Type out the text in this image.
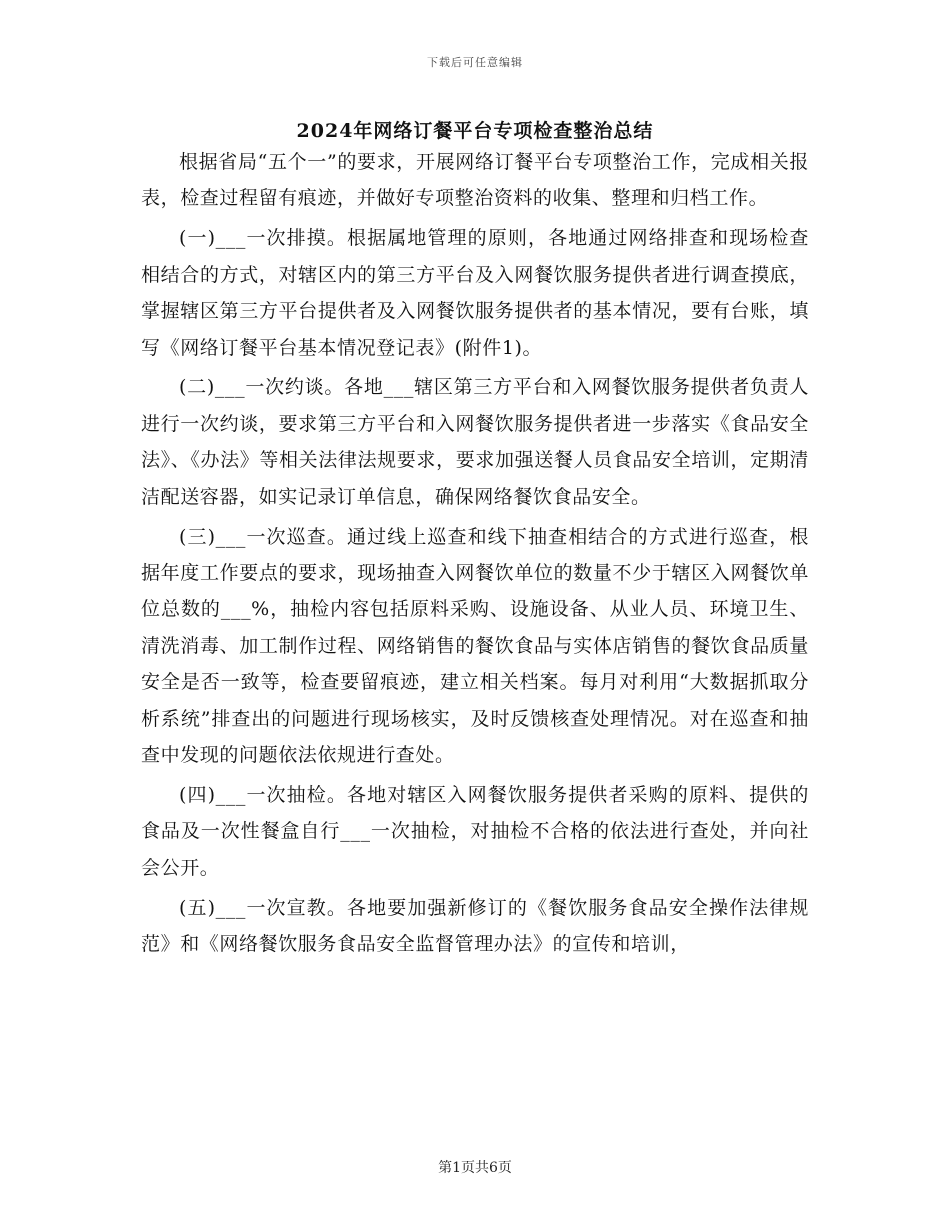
下载后可任意编辑
2024年网络订餐平台专项检查整治总结

根据省局“五个一”的要求，开展网络订餐平台专项整治工作，完成相关报表，检查过程留有痕迹，并做好专项整治资料的收集、整理和归档工作。

(一)___一次排摸。根据属地管理的原则，各地通过网络排查和现场检查相结合的方式，对辖区内的第三方平台及入网餐饮服务提供者进行调查摸底，掌握辖区第三方平台提供者及入网餐饮服务提供者的基本情况，要有台账，填写《网络订餐平台基本情况登记表》(附件1)。

(二)___一次约谈。各地___辖区第三方平台和入网餐饮服务提供者负责人进行一次约谈，要求第三方平台和入网餐饮服务提供者进一步落实《食品安全法》、《办法》等相关法律法规要求，要求加强送餐人员食品安全培训，定期清洁配送容器，如实记录订单信息，确保网络餐饮食品安全。

(三)___一次巡查。通过线上巡查和线下抽查相结合的方式进行巡查，根据年度工作要点的要求，现场抽查入网餐饮单位的数量不少于辖区入网餐饮单位总数的___%，抽检内容包括原料采购、设施设备、从业人员、环境卫生、清洗消毒、加工制作过程、网络销售的餐饮食品与实体店销售的餐饮食品质量安全是否一致等，检查要留痕迹，建立相关档案。每月对利用“大数据抓取分析系统”排查出的问题进行现场核实，及时反馈核查处理情况。对在巡查和抽查中发现的问题依法依规进行查处。

(四)___一次抽检。各地对辖区入网餐饮服务提供者采购的原料、提供的食品及一次性餐盒自行___一次抽检，对抽检不合格的依法进行查处，并向社会公开。

(五)___一次宣教。各地要加强新修订的《餐饮服务食品安全操作法律规范》和《网络餐饮服务食品安全监督管理办法》的宣传和培训，

第1页共6页
